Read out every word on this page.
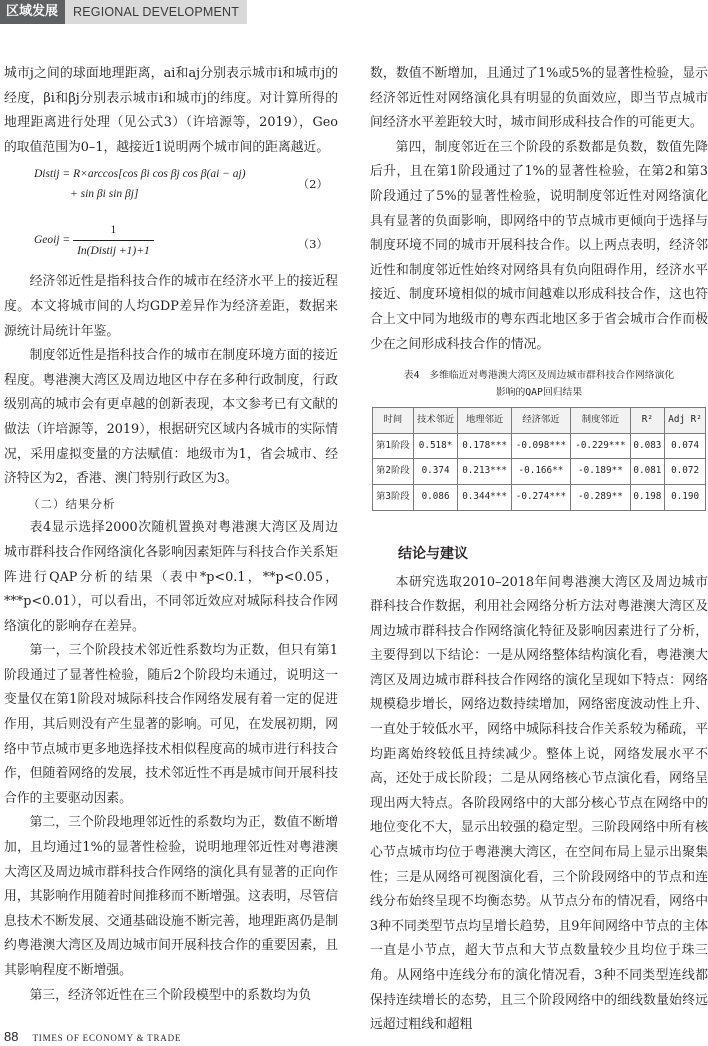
区域发展	REGIONAL DEVELOPMENT

城市j之间的球面地理距离，ai和aj分别表示城市i和城市j的经度，βi和βj分别表示城市i和城市j的纬度。对计算所得的地理距离进行处理（见公式3）（许培源等，2019），Geo的取值范围为0–1，越接近1说明两个城市间的距离越近。

Distij = R×arccos[cos βi cos βj cos β(ai − aj)
+ sin βi sin βj]
（2）
Geoij = $\frac{1}{\text{In(Distij +1)+1}}$	（3）

经济邻近性是指科技合作的城市在经济水平上的接近程度。本文将城市间的人均GDP差异作为经济差距，数据来源统计局统计年鉴。

制度邻近性是指科技合作的城市在制度环境方面的接近程度。粤港澳大湾区及周边地区中存在多种行政制度，行政级别高的城市会有更卓越的创新表现，本文参考已有文献的做法（许培源等，2019），根据研究区域内各城市的实际情况，采用虚拟变量的方法赋值：地级市为1，省会城市、经济特区为2，香港、澳门特别行政区为3。

（二）结果分析

表4显示选择2000次随机置换对粤港澳大湾区及周边城市群科技合作网络演化各影响因素矩阵与科技合作关系矩阵进行QAP分析的结果（表中*p<0.1，**p<0.05，***p<0.01），可以看出，不同邻近效应对城际科技合作网络演化的影响存在差异。

第一，三个阶段技术邻近性系数均为正数，但只有第1阶段通过了显著性检验，随后2个阶段均未通过，说明这一变量仅在第1阶段对城际科技合作网络发展有着一定的促进作用，其后则没有产生显著的影响。可见，在发展初期，网络中节点城市更多地选择技术相似程度高的城市进行科技合作，但随着网络的发展，技术邻近性不再是城市间开展科技合作的主要驱动因素。

第二，三个阶段地理邻近性的系数均为正，数值不断增加，且均通过1%的显著性检验，说明地理邻近性对粤港澳大湾区及周边城市群科技合作网络的演化具有显著的正向作用，其影响作用随着时间推移而不断增强。这表明，尽管信息技术不断发展、交通基础设施不断完善，地理距离仍是制约粤港澳大湾区及周边城市间开展科技合作的重要因素，且其影响程度不断增强。

第三，经济邻近性在三个阶段模型中的系数均为负

数，数值不断增加，且通过了1%或5%的显著性检验，显示经济邻近性对网络演化具有明显的负面效应，即当节点城市间经济水平差距较大时，城市间形成科技合作的可能更大。

第四，制度邻近在三个阶段的系数都是负数，数值先降后升，且在第1阶段通过了1%的显著性检验，在第2和第3阶段通过了5%的显著性检验，说明制度邻近性对网络演化具有显著的负面影响，即网络中的节点城市更倾向于选择与制度环境不同的城市开展科技合作。以上两点表明，经济邻近性和制度邻近性始终对网络具有负向阻碍作用，经济水平接近、制度环境相似的城市间越难以形成科技合作，这也符合上文中同为地级市的粤东西北地区多于省会城市合作而极少在之间形成科技合作的情况。

表4　多维临近对粤港澳大湾区及周边城市群科技合作网络演化
影响的QAP回归结果
时间	技术邻近	地理邻近	经济邻近	制度邻近	R²	Adj R²
第1阶段	0.518*	0.178***	-0.098***	-0.229***	0.083	0.074
第2阶段	0.374	0.213***	-0.166**	-0.189**	0.081	0.072
第3阶段	0.086	0.344***	-0.274***	-0.289**	0.198	0.190
结论与建议

本研究选取2010–2018年间粤港澳大湾区及周边城市群科技合作数据，利用社会网络分析方法对粤港澳大湾区及周边城市群科技合作网络演化特征及影响因素进行了分析，主要得到以下结论：一是从网络整体结构演化看，粤港澳大湾区及周边城市群科技合作网络的演化呈现如下特点：网络规模稳步增长，网络边数持续增加，网络密度波动性上升、一直处于较低水平，网络中城际科技合作关系较为稀疏，平均距离始终较低且持续减少。整体上说，网络发展水平不高，还处于成长阶段；二是从网络核心节点演化看，网络呈现出两大特点。各阶段网络中的大部分核心节点在网络中的地位变化不大，显示出较强的稳定型。三阶段网络中所有核心节点城市均位于粤港澳大湾区，在空间布局上显示出聚集性；三是从网络可视图演化看，三个阶段网络中的节点和连线分布始终呈现不均衡态势。从节点分布的情况看，网络中3种不同类型节点均呈增长趋势，且9年间网络中节点的主体一直是小节点，超大节点和大节点数量较少且均位于珠三角。从网络中连线分布的演化情况看，3种不同类型连线都保持连续增长的态势，且三个阶段网络中的细线数量始终远远超过粗线和超粗

88 TIMES OF ECONOMY & TRADE
